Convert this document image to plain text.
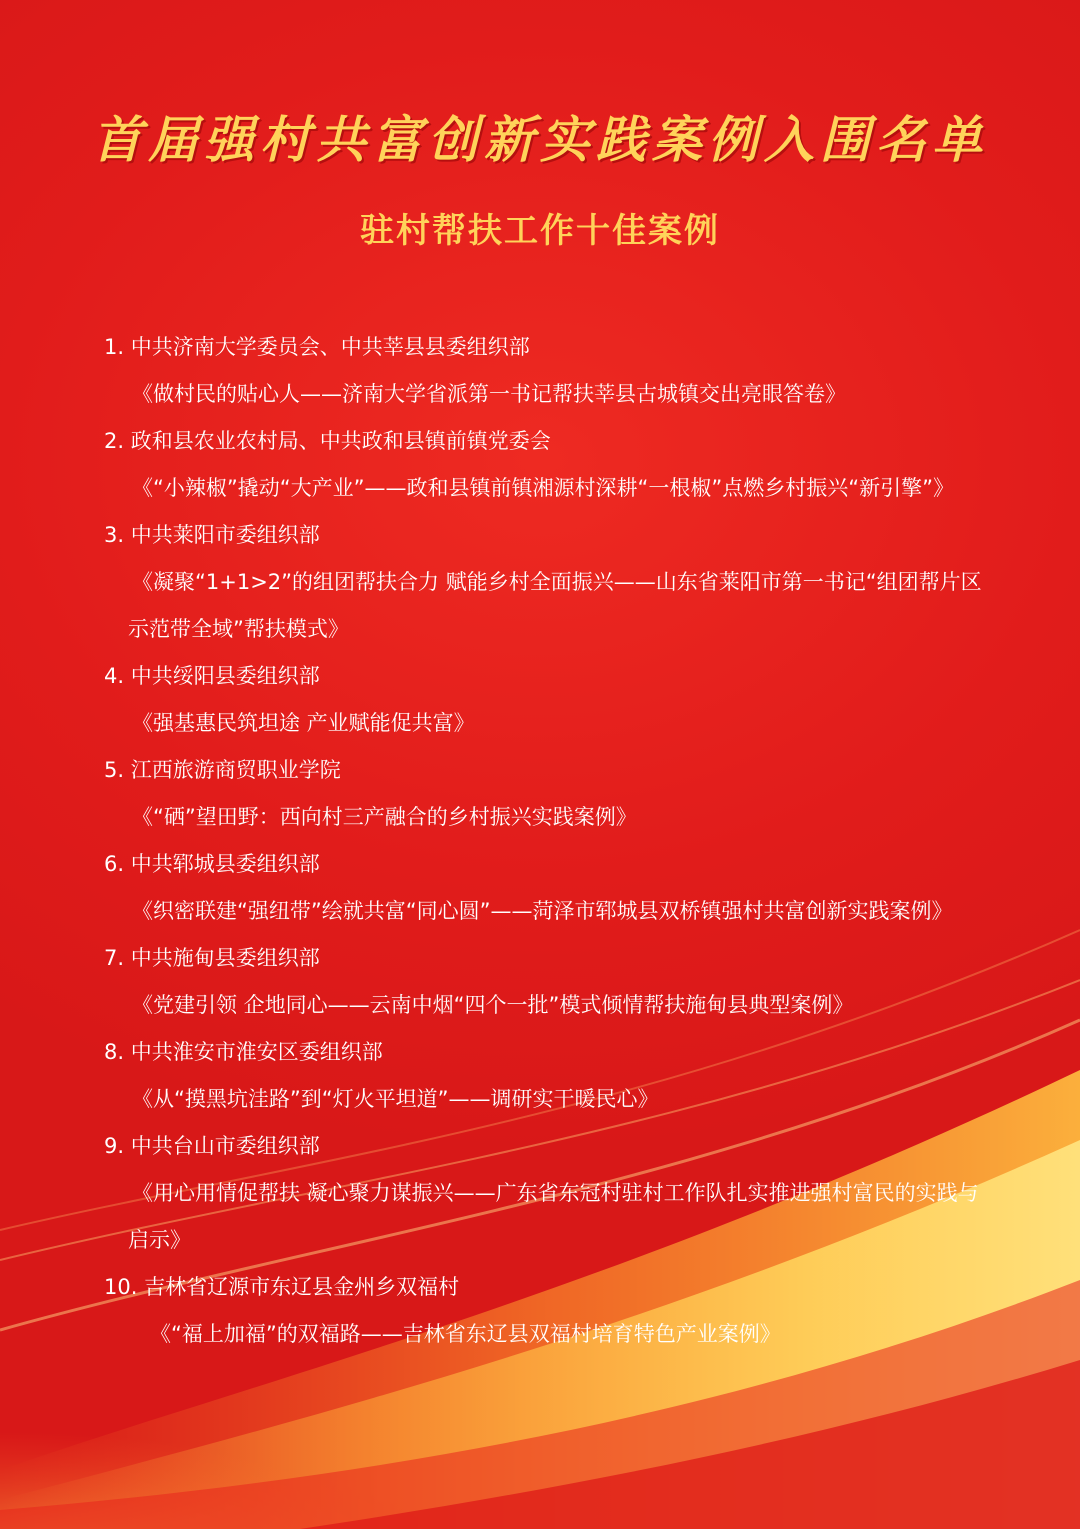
首届强村共富创新实践案例入围名单
驻村帮扶工作十佳案例
1. 中共济南大学委员会、中共莘县县委组织部
《做村民的贴心人——济南大学省派第一书记帮扶莘县古城镇交出亮眼答卷》
2. 政和县农业农村局、中共政和县镇前镇党委会
《“小辣椒”撬动“大产业”——政和县镇前镇湘源村深耕“一根椒”点燃乡村振兴“新引擎”》
3. 中共莱阳市委组织部
《凝聚“1+1>2”的组团帮扶合力 赋能乡村全面振兴——山东省莱阳市第一书记“组团帮片区 示范带全域”帮扶模式》
4. 中共绥阳县委组织部
《强基惠民筑坦途 产业赋能促共富》
5. 江西旅游商贸职业学院
《“硒”望田野：西向村三产融合的乡村振兴实践案例》
6. 中共郓城县委组织部
《织密联建“强纽带”绘就共富“同心圆”——菏泽市郓城县双桥镇强村共富创新实践案例》
7. 中共施甸县委组织部
《党建引领 企地同心——云南中烟“四个一批”模式倾情帮扶施甸县典型案例》
8. 中共淮安市淮安区委组织部
《从“摸黑坑洼路”到“灯火平坦道”——调研实干暖民心》
9. 中共台山市委组织部
《用心用情促帮扶 凝心聚力谋振兴——广东省东冠村驻村工作队扎实推进强村富民的实践与启示》
10. 吉林省辽源市东辽县金州乡双福村
《“福上加福”的双福路——吉林省东辽县双福村培育特色产业案例》
